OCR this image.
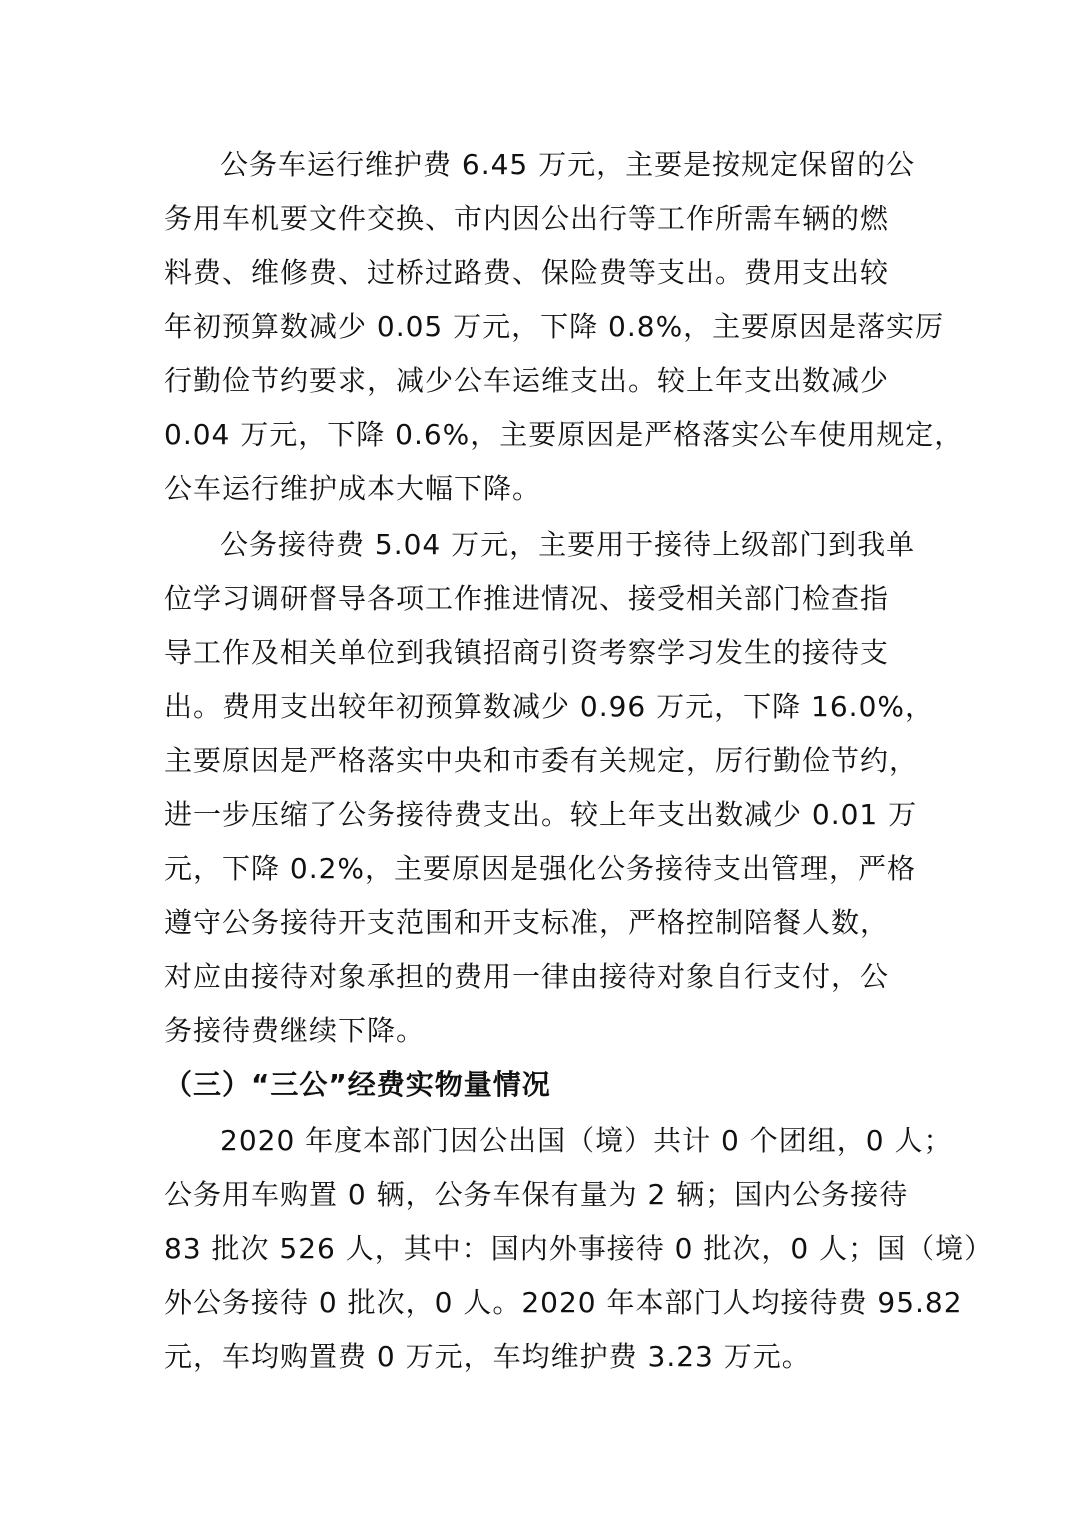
公务车运行维护费 6.45 万元，主要是按规定保留的公
务用车机要文件交换、市内因公出行等工作所需车辆的燃
料费、维修费、过桥过路费、保险费等支出。费用支出较
年初预算数减少 0.05 万元，下降 0.8%，主要原因是落实厉
行勤俭节约要求，减少公车运维支出。较上年支出数减少
0.04 万元，下降 0.6%，主要原因是严格落实公车使用规定，
公车运行维护成本大幅下降。
公务接待费 5.04 万元，主要用于接待上级部门到我单
位学习调研督导各项工作推进情况、接受相关部门检查指
导工作及相关单位到我镇招商引资考察学习发生的接待支
出。费用支出较年初预算数减少 0.96 万元，下降 16.0%，
主要原因是严格落实中央和市委有关规定，厉行勤俭节约，
进一步压缩了公务接待费支出。较上年支出数减少 0.01 万
元，下降 0.2%，主要原因是强化公务接待支出管理，严格
遵守公务接待开支范围和开支标准，严格控制陪餐人数，
对应由接待对象承担的费用一律由接待对象自行支付，公
务接待费继续下降。
（三）“三公”经费实物量情况
2020 年度本部门因公出国（境）共计 0 个团组，0 人；
公务用车购置 0 辆，公务车保有量为 2 辆；国内公务接待
83 批次 526 人，其中：国内外事接待 0 批次，0 人；国（境）
外公务接待 0 批次，0 人。2020 年本部门人均接待费 95.82
元，车均购置费 0 万元，车均维护费 3.23 万元。
